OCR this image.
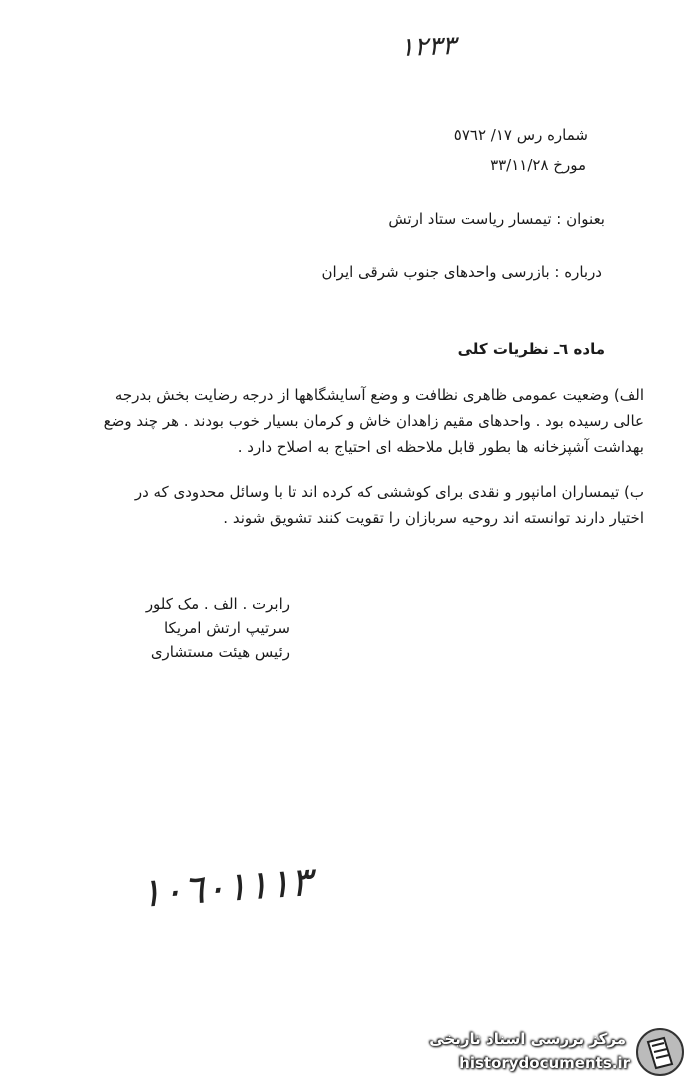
١٢٣٣
شماره رس ١٧/ ٥٧٦٢
مورخ ٣٣/١١/٢٨
بعنوان : تیمسار ریاست ستاد ارتش
درباره : بازرسی واحدهای جنوب شرقی ایران
ماده ٦ـ نظریات کلی
الف) وضعیت عمومی ظاهری نظافت و وضع آسایشگاهها از درجه رضایت بخش بدرجه
عالی رسیده بود . واحدهای مقیم زاهدان خاش و کرمان بسیار خوب بودند . هر چند وضع
بهداشت آشپزخانه ها بطور قابل ملاحظه ای احتیاج به اصلاح دارد .
ب) تیمساران امانپور و نقدی برای کوششی که کرده اند تا با وسائل محدودی که در
اختیار دارند توانسته اند روحیه سربازان را تقویت کنند تشویق شوند .
رابرت . الف . مک کلور
سرتیپ ارتش امریکا
رئیس هیئت مستشاری
١٠٦٠١١١٣
مرکز بررسی اسناد تاریخی
historydocuments.ir
